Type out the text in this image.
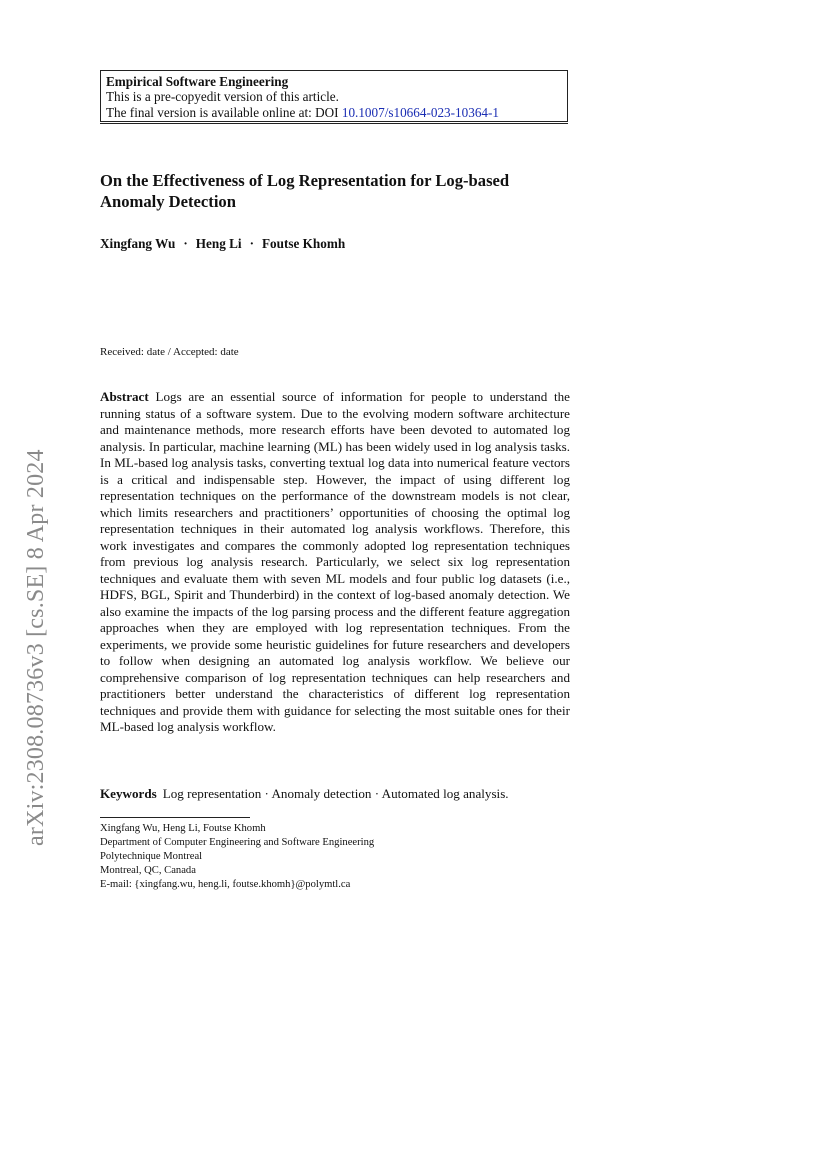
Empirical Software Engineering
This is a pre-copyedit version of this article.
The final version is available online at: DOI 10.1007/s10664-023-10364-1
On the Effectiveness of Log Representation for Log-based
Anomaly Detection
Xingfang Wu · Heng Li · Foutse Khomh
Received: date / Accepted: date
Abstract Logs are an essential source of information for people to understand the running status of a software system. Due to the evolving modern software architecture and maintenance methods, more research efforts have been devoted to automated log analysis. In particular, machine learning (ML) has been widely used in log analysis tasks. In ML-based log analysis tasks, converting textual log data into numerical feature vectors is a critical and indispensable step. However, the impact of using different log representation techniques on the performance of the downstream models is not clear, which limits researchers and practitioners’ opportunities of choosing the optimal log representation techniques in their automated log analysis workflows. Therefore, this work investigates and compares the commonly adopted log representation techniques from previous log analysis research. Particularly, we select six log representation techniques and evaluate them with seven ML models and four public log datasets (i.e., HDFS, BGL, Spirit and Thunderbird) in the context of log-based anomaly detection. We also examine the impacts of the log parsing process and the different feature aggregation approaches when they are employed with log representation techniques. From the experiments, we provide some heuristic guidelines for future researchers and developers to follow when designing an automated log analysis workflow. We believe our comprehensive comparison of log representation techniques can help researchers and practitioners better understand the characteristics of different log representation techniques and provide them with guidance for selecting the most suitable ones for their ML-based log analysis workflow.
Keywords Log representation · Anomaly detection · Automated log analysis.
Xingfang Wu, Heng Li, Foutse Khomh
Department of Computer Engineering and Software Engineering
Polytechnique Montreal
Montreal, QC, Canada
E-mail: {xingfang.wu, heng.li, foutse.khomh}@polymtl.ca
arXiv:2308.08736v3 [cs.SE] 8 Apr 2024
